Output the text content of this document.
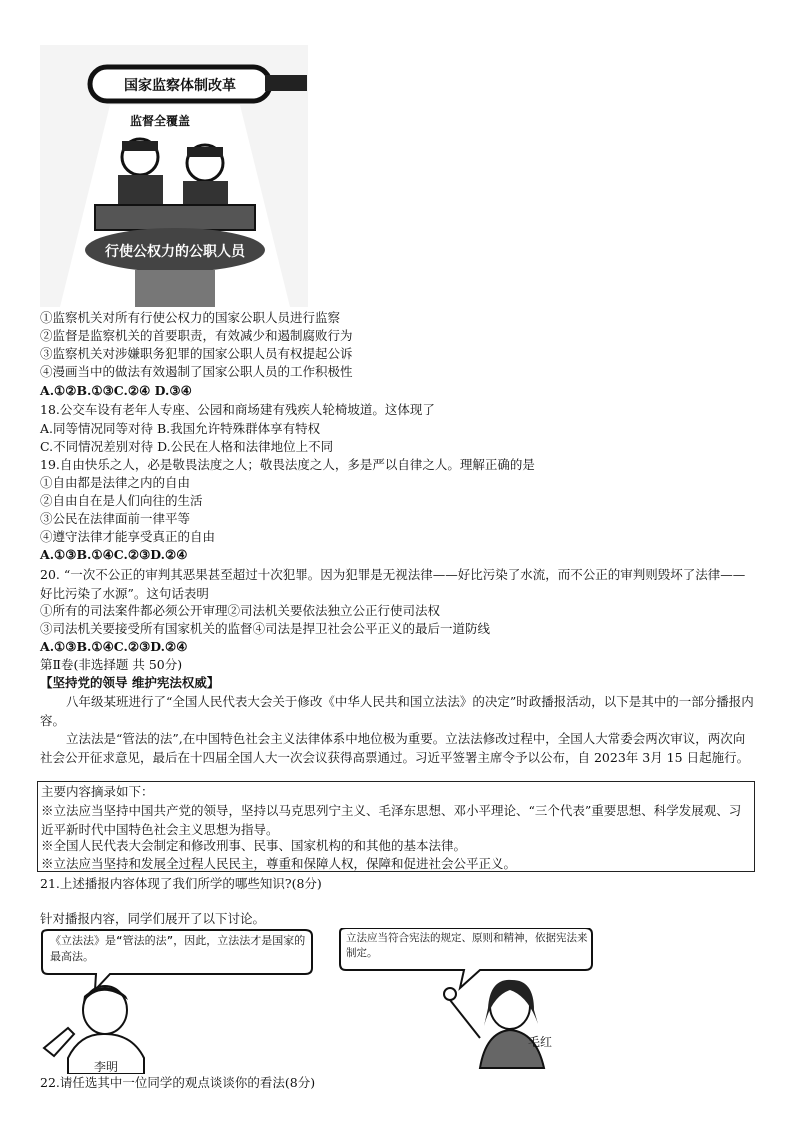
国家监察体制改革
监督全覆盖
行使公权力的公职人员
①监察机关对所有行使公权力的国家公职人员进行监察
②监督是监察机关的首要职责，有效减少和遏制腐败行为
③监察机关对涉嫌职务犯罪的国家公职人员有权提起公诉
④漫画当中的做法有效遏制了国家公职人员的工作积极性
A.①②B.①③C.②④ D.③④
18.公交车设有老年人专座、公园和商场建有残疾人轮椅坡道。这体现了
A.同等情况同等对待 B.我国允许特殊群体享有特权
C.不同情况差别对待 D.公民在人格和法律地位上不同
19.自由快乐之人，必是敬畏法度之人；敬畏法度之人，多是严以自律之人。理解正确的是
①自由都是法律之内的自由
②自由自在是人们向往的生活
③公民在法律面前一律平等
④遵守法律才能享受真正的自由
A.①③B.①④C.②③D.②④
20. “一次不公正的审判其恶果甚至超过十次犯罪。因为犯罪是无视法律——好比污染了水流，而不公正的审判则毁坏了法律——好比污染了水源”。这句话表明
①所有的司法案件都必须公开审理②司法机关要依法独立公正行使司法权
③司法机关要接受所有国家机关的监督④司法是捍卫社会公平正义的最后一道防线
A.①③B.①④C.②③D.②④
第Ⅱ卷(非选择题 共 50分)
【坚持党的领导 维护宪法权威】
八年级某班进行了“全国人民代表大会关于修改《中华人民共和国立法法》的决定”时政播报活动，以下是其中的一部分播报内容。
立法法是“管法的法”,在中国特色社会主义法律体系中地位极为重要。立法法修改过程中，全国人大常委会两次审议，两次向社会公开征求意见，最后在十四届全国人大一次会议获得高票通过。习近平签署主席令予以公布，自 2023年 3月 15 日起施行。
主要内容摘录如下：
※立法应当坚持中国共产党的领导，坚持以马克思列宁主义、毛泽东思想、邓小平理论、“三个代表”重要思想、科学发展观、习近平新时代中国特色社会主义思想为指导。
※全国人民代表大会制定和修改刑事、民事、国家机构的和其他的基本法律。
※立法应当坚持和发展全过程人民民主，尊重和保障人权，保障和促进社会公平正义。
21.上述播报内容体现了我们所学的哪些知识?(8分)
针对播报内容，同学们展开了以下讨论。
《立法法》是“管法的法”，因此，立法法才是国家的最高法。
李明
立法应当符合宪法的规定、原则和精神，依据宪法来制定。
毛红
22.请任选其中一位同学的观点谈谈你的看法(8分)
